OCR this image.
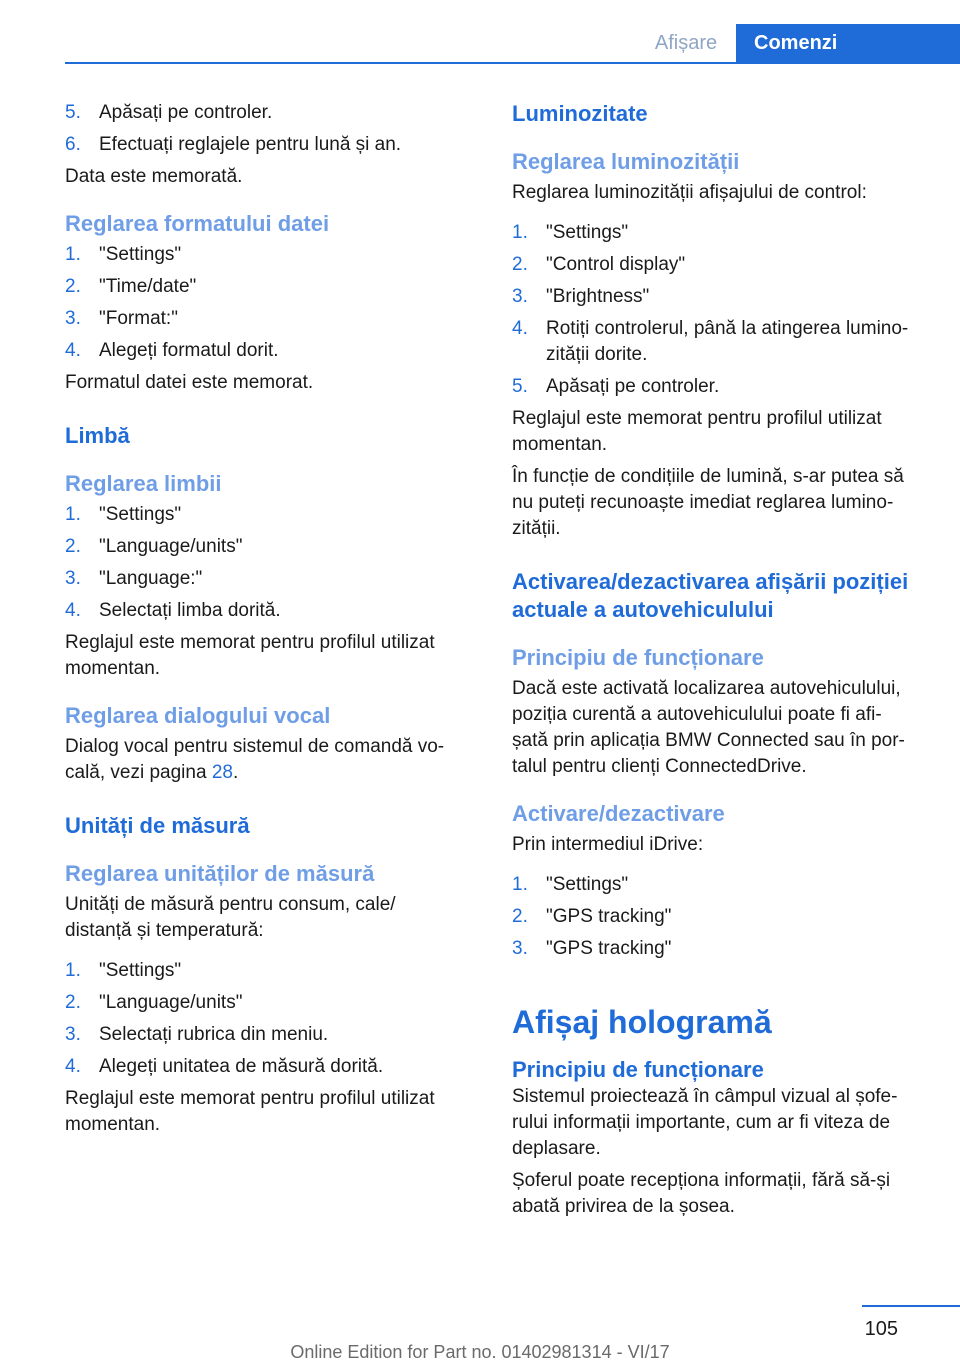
Afișare	Comenzi
5. Apăsați pe controler.
6. Efectuați reglajele pentru lună și an.

Data este memorată.

Reglarea formatului datei
1. "Settings"
2. "Time/date"
3. "Format:"
4. Alegeți formatul dorit.

Formatul datei este memorat.

Limbă
Reglarea limbii
1. "Settings"
2. "Language/units"
3. "Language:"
4. Selectați limba dorită.

Reglajul este memorat pentru profilul utilizat
momentan.

Reglarea dialogului vocal

Dialog vocal pentru sistemul de comandă vo-
cală, vezi pagina 28.

Unități de măsură
Reglarea unităților de măsură

Unități de măsură pentru consum, cale/
distanță și temperatură:

1. "Settings"
2. "Language/units"
3. Selectați rubrica din meniu.
4. Alegeți unitatea de măsură dorită.

Reglajul este memorat pentru profilul utilizat
momentan.

Luminozitate
Reglarea luminozității

Reglarea luminozității afișajului de control:

1. "Settings"
2. "Control display"
3. "Brightness"
4. Rotiți controlerul, până la atingerea lumino-
zității dorite.
5. Apăsați pe controler.

Reglajul este memorat pentru profilul utilizat
momentan.

În funcție de condițiile de lumină, s-ar putea să
nu puteți recunoaște imediat reglarea lumino-
zității.

Activarea/dezactivarea afișării poziției
actuale a autovehiculului
Principiu de funcționare

Dacă este activată localizarea autovehiculului,
poziția curentă a autovehiculului poate fi afi-
șată prin aplicația BMW Connected sau în por-
talul pentru clienți ConnectedDrive.

Activare/dezactivare

Prin intermediul iDrive:

1. "Settings"
2. "GPS tracking"
3. "GPS tracking"
Afișaj hologramă
Principiu de funcționare

Sistemul proiectează în câmpul vizual al șofe-
rului informații importante, cum ar fi viteza de
deplasare.

Șoferul poate recepționa informații, fără să-și
abată privirea de la șosea.

105
Online Edition for Part no. 01402981314 - VI/17
